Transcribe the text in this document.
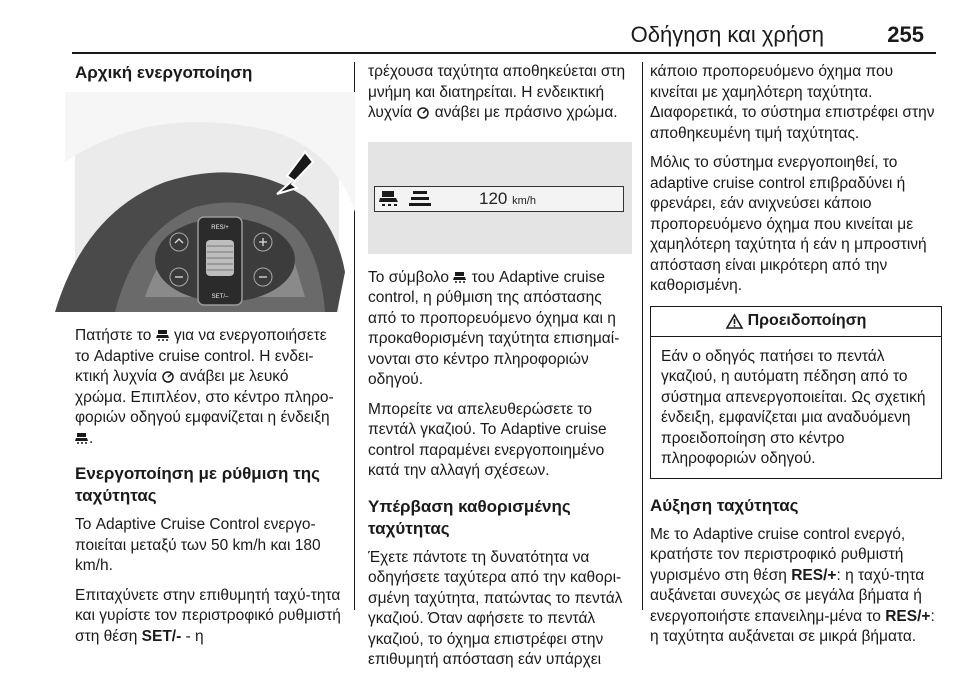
Οδήγηση και χρήση	255
Αρχική ενεργοποίηση
RES/+
SET/–

Πατήστε το για να ενεργοποιήσετε το Adaptive cruise control. Η ενδει-κτική λυχνία ανάβει με λευκό χρώμα. Επιπλέον, στο κέντρο πληρο-φοριών οδηγού εμφανίζεται η ένδειξη .

Ενεργοποίηση με ρύθμιση της ταχύτητας

Το Adaptive Cruise Control ενεργο-ποιείται μεταξύ των 50 km/h και 180 km/h.

Επιταχύνετε στην επιθυμητή ταχύ-τητα και γυρίστε τον περιστροφικό ρυθμιστή στη θέση SET/- - η

τρέχουσα ταχύτητα αποθηκεύεται στη μνήμη και διατηρείται. Η ενδεικτική λυχνία ανάβει με πράσινο χρώμα.

120 km/h

Το σύμβολο του Adaptive cruise control, η ρύθμιση της απόστασης από το προπορευόμενο όχημα και η προκαθορισμένη ταχύτητα επισημαί-νονται στο κέντρο πληροφοριών οδηγού.

Μπορείτε να απελευθερώσετε το πεντάλ γκαζιού. Το Adaptive cruise control παραμένει ενεργοποιημένο κατά την αλλαγή σχέσεων.

Υπέρβαση καθορισμένης ταχύτητας

Έχετε πάντοτε τη δυνατότητα να οδηγήσετε ταχύτερα από την καθορι-σμένη ταχύτητα, πατώντας το πεντάλ γκαζιού. Όταν αφήσετε το πεντάλ γκαζιού, το όχημα επιστρέφει στην επιθυμητή απόσταση εάν υπάρχει

κάποιο προπορευόμενο όχημα που κινείται με χαμηλότερη ταχύτητα. Διαφορετικά, το σύστημα επιστρέφει στην αποθηκευμένη τιμή ταχύτητας.

Μόλις το σύστημα ενεργοποιηθεί, το adaptive cruise control επιβραδύνει ή φρενάρει, εάν ανιχνεύσει κάποιο προπορευόμενο όχημα που κινείται με χαμηλότερη ταχύτητα ή εάν η μπροστινή απόσταση είναι μικρότερη από την καθορισμένη.

Προειδοποίηση
Εάν ο οδηγός πατήσει το πεντάλ γκαζιού, η αυτόματη πέδηση από το σύστημα απενεργοποιείται. Ως σχετική ένδειξη, εμφανίζεται μια αναδυόμενη προειδοποίηση στο κέντρο πληροφοριών οδηγού.
Αύξηση ταχύτητας

Με το Adaptive cruise control ενεργό, κρατήστε τον περιστροφικό ρυθμιστή γυρισμένο στη θέση RES/+: η ταχύ-τητα αυξάνεται συνεχώς σε μεγάλα βήματα ή ενεργοποιήστε επανειλημ-μένα το RES/+: η ταχύτητα αυξάνεται σε μικρά βήματα.
